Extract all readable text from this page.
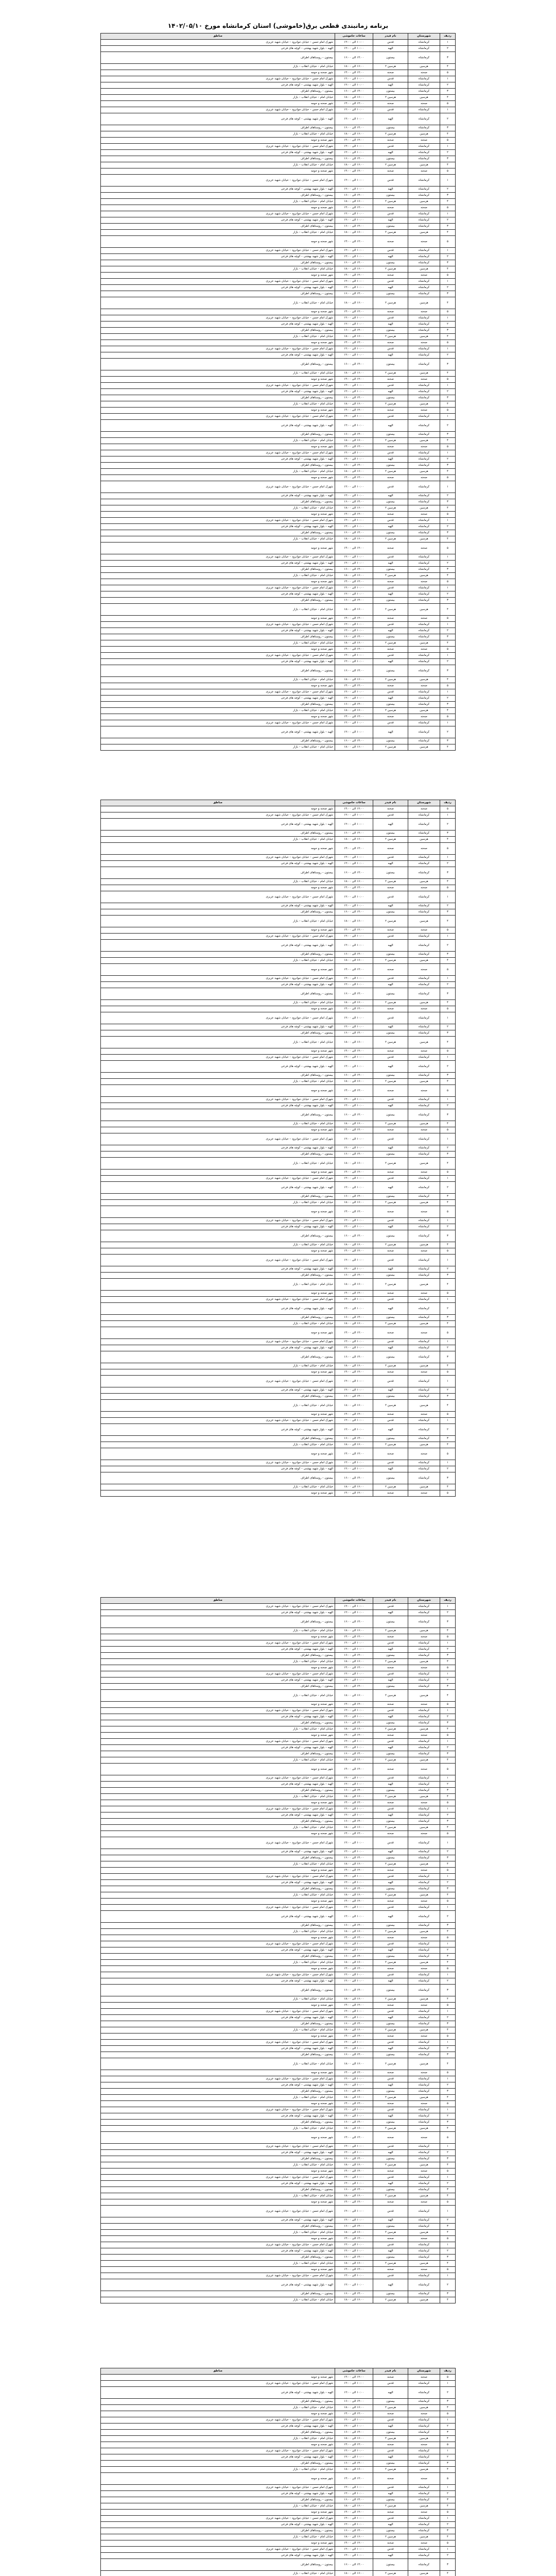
برنامه زمانبندی قطعی برق(خاموشی) استان کرمانشاه مورخ ۱۴۰۲/۰۵/۱۰
ردیف	شهرستان	نام فیدر	ساعات خاموشی	مناطق
۱	کرمانشاه	قدس	۱۰:۰۰ الی ۱۲:۰۰	شهرک امام حسن – خیابان جوانرود – خیابان شهید عزیزی
۲	کرمانشاه	الهیه	۱۰:۰۰ الی ۱۲:۰۰	الهیه – بلوار شهید بهشتی – کوچه های فرعی
۳	کرمانشاه	بیستون	۱۴:۰۰ الی ۱۶:۰۰	بیستون – روستاهای اطراف
۴	هرسین	هرسین ۲	۱۶:۰۰ الی ۱۸:۰۰	خیابان امام – خیابان انقلاب – بازار
۵	صحنه	صحنه	۱۲:۰۰ الی ۱۴:۰۰	شهر صحنه و حومه
۱	کرمانشاه	قدس	۱۰:۰۰ الی ۱۲:۰۰	شهرک امام حسن – خیابان جوانرود – خیابان شهید عزیزی
۲	کرمانشاه	الهیه	۱۰:۰۰ الی ۱۲:۰۰	الهیه – بلوار شهید بهشتی – کوچه های فرعی
۳	کرمانشاه	بیستون	۱۴:۰۰ الی ۱۶:۰۰	بیستون – روستاهای اطراف
۴	هرسین	هرسین ۲	۱۶:۰۰ الی ۱۸:۰۰	خیابان امام – خیابان انقلاب – بازار
۵	صحنه	صحنه	۱۲:۰۰ الی ۱۴:۰۰	شهر صحنه و حومه
۱	کرمانشاه	قدس	۱۰:۰۰ الی ۱۲:۰۰	شهرک امام حسن – خیابان جوانرود – خیابان شهید عزیزی
۲	کرمانشاه	الهیه	۱۰:۰۰ الی ۱۲:۰۰	الهیه – بلوار شهید بهشتی – کوچه های فرعی
۳	کرمانشاه	بیستون	۱۴:۰۰ الی ۱۶:۰۰	بیستون – روستاهای اطراف
۴	هرسین	هرسین ۲	۱۶:۰۰ الی ۱۸:۰۰	خیابان امام – خیابان انقلاب – بازار
۵	صحنه	صحنه	۱۲:۰۰ الی ۱۴:۰۰	شهر صحنه و حومه
۱	کرمانشاه	قدس	۱۰:۰۰ الی ۱۲:۰۰	شهرک امام حسن – خیابان جوانرود – خیابان شهید عزیزی
۲	کرمانشاه	الهیه	۱۰:۰۰ الی ۱۲:۰۰	الهیه – بلوار شهید بهشتی – کوچه های فرعی
۳	کرمانشاه	بیستون	۱۴:۰۰ الی ۱۶:۰۰	بیستون – روستاهای اطراف
۴	هرسین	هرسین ۲	۱۶:۰۰ الی ۱۸:۰۰	خیابان امام – خیابان انقلاب – بازار
۵	صحنه	صحنه	۱۲:۰۰ الی ۱۴:۰۰	شهر صحنه و حومه
۱	کرمانشاه	قدس	۱۰:۰۰ الی ۱۲:۰۰	شهرک امام حسن – خیابان جوانرود – خیابان شهید عزیزی
۲	کرمانشاه	الهیه	۱۰:۰۰ الی ۱۲:۰۰	الهیه – بلوار شهید بهشتی – کوچه های فرعی
۳	کرمانشاه	بیستون	۱۴:۰۰ الی ۱۶:۰۰	بیستون – روستاهای اطراف
۴	هرسین	هرسین ۲	۱۶:۰۰ الی ۱۸:۰۰	خیابان امام – خیابان انقلاب – بازار
۵	صحنه	صحنه	۱۲:۰۰ الی ۱۴:۰۰	شهر صحنه و حومه
۱	کرمانشاه	قدس	۱۰:۰۰ الی ۱۲:۰۰	شهرک امام حسن – خیابان جوانرود – خیابان شهید عزیزی
۲	کرمانشاه	الهیه	۱۰:۰۰ الی ۱۲:۰۰	الهیه – بلوار شهید بهشتی – کوچه های فرعی
۳	کرمانشاه	بیستون	۱۴:۰۰ الی ۱۶:۰۰	بیستون – روستاهای اطراف
۴	هرسین	هرسین ۲	۱۶:۰۰ الی ۱۸:۰۰	خیابان امام – خیابان انقلاب – بازار
۵	صحنه	صحنه	۱۲:۰۰ الی ۱۴:۰۰	شهر صحنه و حومه
۱	کرمانشاه	قدس	۱۰:۰۰ الی ۱۲:۰۰	شهرک امام حسن – خیابان جوانرود – خیابان شهید عزیزی
۲	کرمانشاه	الهیه	۱۰:۰۰ الی ۱۲:۰۰	الهیه – بلوار شهید بهشتی – کوچه های فرعی
۳	کرمانشاه	بیستون	۱۴:۰۰ الی ۱۶:۰۰	بیستون – روستاهای اطراف
۴	هرسین	هرسین ۲	۱۶:۰۰ الی ۱۸:۰۰	خیابان امام – خیابان انقلاب – بازار
۵	صحنه	صحنه	۱۲:۰۰ الی ۱۴:۰۰	شهر صحنه و حومه
۱	کرمانشاه	قدس	۱۰:۰۰ الی ۱۲:۰۰	شهرک امام حسن – خیابان جوانرود – خیابان شهید عزیزی
۲	کرمانشاه	الهیه	۱۰:۰۰ الی ۱۲:۰۰	الهیه – بلوار شهید بهشتی – کوچه های فرعی
۳	کرمانشاه	بیستون	۱۴:۰۰ الی ۱۶:۰۰	بیستون – روستاهای اطراف
۴	هرسین	هرسین ۲	۱۶:۰۰ الی ۱۸:۰۰	خیابان امام – خیابان انقلاب – بازار
۵	صحنه	صحنه	۱۲:۰۰ الی ۱۴:۰۰	شهر صحنه و حومه
۱	کرمانشاه	قدس	۱۰:۰۰ الی ۱۲:۰۰	شهرک امام حسن – خیابان جوانرود – خیابان شهید عزیزی
۲	کرمانشاه	الهیه	۱۰:۰۰ الی ۱۲:۰۰	الهیه – بلوار شهید بهشتی – کوچه های فرعی
۳	کرمانشاه	بیستون	۱۴:۰۰ الی ۱۶:۰۰	بیستون – روستاهای اطراف
۴	هرسین	هرسین ۲	۱۶:۰۰ الی ۱۸:۰۰	خیابان امام – خیابان انقلاب – بازار
۵	صحنه	صحنه	۱۲:۰۰ الی ۱۴:۰۰	شهر صحنه و حومه
۱	کرمانشاه	قدس	۱۰:۰۰ الی ۱۲:۰۰	شهرک امام حسن – خیابان جوانرود – خیابان شهید عزیزی
۲	کرمانشاه	الهیه	۱۰:۰۰ الی ۱۲:۰۰	الهیه – بلوار شهید بهشتی – کوچه های فرعی
۳	کرمانشاه	بیستون	۱۴:۰۰ الی ۱۶:۰۰	بیستون – روستاهای اطراف
۴	هرسین	هرسین ۲	۱۶:۰۰ الی ۱۸:۰۰	خیابان امام – خیابان انقلاب – بازار
۵	صحنه	صحنه	۱۲:۰۰ الی ۱۴:۰۰	شهر صحنه و حومه
۱	کرمانشاه	قدس	۱۰:۰۰ الی ۱۲:۰۰	شهرک امام حسن – خیابان جوانرود – خیابان شهید عزیزی
۲	کرمانشاه	الهیه	۱۰:۰۰ الی ۱۲:۰۰	الهیه – بلوار شهید بهشتی – کوچه های فرعی
۳	کرمانشاه	بیستون	۱۴:۰۰ الی ۱۶:۰۰	بیستون – روستاهای اطراف
۴	هرسین	هرسین ۲	۱۶:۰۰ الی ۱۸:۰۰	خیابان امام – خیابان انقلاب – بازار
۵	صحنه	صحنه	۱۲:۰۰ الی ۱۴:۰۰	شهر صحنه و حومه
۱	کرمانشاه	قدس	۱۰:۰۰ الی ۱۲:۰۰	شهرک امام حسن – خیابان جوانرود – خیابان شهید عزیزی
۲	کرمانشاه	الهیه	۱۰:۰۰ الی ۱۲:۰۰	الهیه – بلوار شهید بهشتی – کوچه های فرعی
۳	کرمانشاه	بیستون	۱۴:۰۰ الی ۱۶:۰۰	بیستون – روستاهای اطراف
۴	هرسین	هرسین ۲	۱۶:۰۰ الی ۱۸:۰۰	خیابان امام – خیابان انقلاب – بازار
۵	صحنه	صحنه	۱۲:۰۰ الی ۱۴:۰۰	شهر صحنه و حومه
۱	کرمانشاه	قدس	۱۰:۰۰ الی ۱۲:۰۰	شهرک امام حسن – خیابان جوانرود – خیابان شهید عزیزی
۲	کرمانشاه	الهیه	۱۰:۰۰ الی ۱۲:۰۰	الهیه – بلوار شهید بهشتی – کوچه های فرعی
۳	کرمانشاه	بیستون	۱۴:۰۰ الی ۱۶:۰۰	بیستون – روستاهای اطراف
۴	هرسین	هرسین ۲	۱۶:۰۰ الی ۱۸:۰۰	خیابان امام – خیابان انقلاب – بازار
۵	صحنه	صحنه	۱۲:۰۰ الی ۱۴:۰۰	شهر صحنه و حومه
۱	کرمانشاه	قدس	۱۰:۰۰ الی ۱۲:۰۰	شهرک امام حسن – خیابان جوانرود – خیابان شهید عزیزی
۲	کرمانشاه	الهیه	۱۰:۰۰ الی ۱۲:۰۰	الهیه – بلوار شهید بهشتی – کوچه های فرعی
۳	کرمانشاه	بیستون	۱۴:۰۰ الی ۱۶:۰۰	بیستون – روستاهای اطراف
۴	هرسین	هرسین ۲	۱۶:۰۰ الی ۱۸:۰۰	خیابان امام – خیابان انقلاب – بازار
۵	صحنه	صحنه	۱۲:۰۰ الی ۱۴:۰۰	شهر صحنه و حومه
۱	کرمانشاه	قدس	۱۰:۰۰ الی ۱۲:۰۰	شهرک امام حسن – خیابان جوانرود – خیابان شهید عزیزی
۲	کرمانشاه	الهیه	۱۰:۰۰ الی ۱۲:۰۰	الهیه – بلوار شهید بهشتی – کوچه های فرعی
۳	کرمانشاه	بیستون	۱۴:۰۰ الی ۱۶:۰۰	بیستون – روستاهای اطراف
۴	هرسین	هرسین ۲	۱۶:۰۰ الی ۱۸:۰۰	خیابان امام – خیابان انقلاب – بازار
۵	صحنه	صحنه	۱۲:۰۰ الی ۱۴:۰۰	شهر صحنه و حومه
۱	کرمانشاه	قدس	۱۰:۰۰ الی ۱۲:۰۰	شهرک امام حسن – خیابان جوانرود – خیابان شهید عزیزی
۲	کرمانشاه	الهیه	۱۰:۰۰ الی ۱۲:۰۰	الهیه – بلوار شهید بهشتی – کوچه های فرعی
۳	کرمانشاه	بیستون	۱۴:۰۰ الی ۱۶:۰۰	بیستون – روستاهای اطراف
۴	هرسین	هرسین ۲	۱۶:۰۰ الی ۱۸:۰۰	خیابان امام – خیابان انقلاب – بازار
۵	صحنه	صحنه	۱۲:۰۰ الی ۱۴:۰۰	شهر صحنه و حومه
۱	کرمانشاه	قدس	۱۰:۰۰ الی ۱۲:۰۰	شهرک امام حسن – خیابان جوانرود – خیابان شهید عزیزی
۲	کرمانشاه	الهیه	۱۰:۰۰ الی ۱۲:۰۰	الهیه – بلوار شهید بهشتی – کوچه های فرعی
۳	کرمانشاه	بیستون	۱۴:۰۰ الی ۱۶:۰۰	بیستون – روستاهای اطراف
۴	هرسین	هرسین ۲	۱۶:۰۰ الی ۱۸:۰۰	خیابان امام – خیابان انقلاب – بازار
۵	صحنه	صحنه	۱۲:۰۰ الی ۱۴:۰۰	شهر صحنه و حومه
۱	کرمانشاه	قدس	۱۰:۰۰ الی ۱۲:۰۰	شهرک امام حسن – خیابان جوانرود – خیابان شهید عزیزی
۲	کرمانشاه	الهیه	۱۰:۰۰ الی ۱۲:۰۰	الهیه – بلوار شهید بهشتی – کوچه های فرعی
۳	کرمانشاه	بیستون	۱۴:۰۰ الی ۱۶:۰۰	بیستون – روستاهای اطراف
۴	هرسین	هرسین ۲	۱۶:۰۰ الی ۱۸:۰۰	خیابان امام – خیابان انقلاب – بازار
۵	صحنه	صحنه	۱۲:۰۰ الی ۱۴:۰۰	شهر صحنه و حومه
۱	کرمانشاه	قدس	۱۰:۰۰ الی ۱۲:۰۰	شهرک امام حسن – خیابان جوانرود – خیابان شهید عزیزی
۲	کرمانشاه	الهیه	۱۰:۰۰ الی ۱۲:۰۰	الهیه – بلوار شهید بهشتی – کوچه های فرعی
۳	کرمانشاه	بیستون	۱۴:۰۰ الی ۱۶:۰۰	بیستون – روستاهای اطراف
۴	هرسین	هرسین ۲	۱۶:۰۰ الی ۱۸:۰۰	خیابان امام – خیابان انقلاب – بازار
۵	صحنه	صحنه	۱۲:۰۰ الی ۱۴:۰۰	شهر صحنه و حومه
۱	کرمانشاه	قدس	۱۰:۰۰ الی ۱۲:۰۰	شهرک امام حسن – خیابان جوانرود – خیابان شهید عزیزی
۲	کرمانشاه	الهیه	۱۰:۰۰ الی ۱۲:۰۰	الهیه – بلوار شهید بهشتی – کوچه های فرعی
۳	کرمانشاه	بیستون	۱۴:۰۰ الی ۱۶:۰۰	بیستون – روستاهای اطراف
۴	هرسین	هرسین ۲	۱۶:۰۰ الی ۱۸:۰۰	خیابان امام – خیابان انقلاب – بازار
۵	صحنه	صحنه	۱۲:۰۰ الی ۱۴:۰۰	شهر صحنه و حومه
۱	کرمانشاه	قدس	۱۰:۰۰ الی ۱۲:۰۰	شهرک امام حسن – خیابان جوانرود – خیابان شهید عزیزی
۲	کرمانشاه	الهیه	۱۰:۰۰ الی ۱۲:۰۰	الهیه – بلوار شهید بهشتی – کوچه های فرعی
۳	کرمانشاه	بیستون	۱۴:۰۰ الی ۱۶:۰۰	بیستون – روستاهای اطراف
۴	هرسین	هرسین ۲	۱۶:۰۰ الی ۱۸:۰۰	خیابان امام – خیابان انقلاب – بازار
ردیف	شهرستان	نام فیدر	ساعات خاموشی	مناطق
۵	صحنه	صحنه	۱۲:۰۰ الی ۱۴:۰۰	شهر صحنه و حومه
۱	کرمانشاه	قدس	۱۰:۰۰ الی ۱۲:۰۰	شهرک امام حسن – خیابان جوانرود – خیابان شهید عزیزی
۲	کرمانشاه	الهیه	۱۰:۰۰ الی ۱۲:۰۰	الهیه – بلوار شهید بهشتی – کوچه های فرعی
۳	کرمانشاه	بیستون	۱۴:۰۰ الی ۱۶:۰۰	بیستون – روستاهای اطراف
۴	هرسین	هرسین ۲	۱۶:۰۰ الی ۱۸:۰۰	خیابان امام – خیابان انقلاب – بازار
۵	صحنه	صحنه	۱۲:۰۰ الی ۱۴:۰۰	شهر صحنه و حومه
۱	کرمانشاه	قدس	۱۰:۰۰ الی ۱۲:۰۰	شهرک امام حسن – خیابان جوانرود – خیابان شهید عزیزی
۲	کرمانشاه	الهیه	۱۰:۰۰ الی ۱۲:۰۰	الهیه – بلوار شهید بهشتی – کوچه های فرعی
۳	کرمانشاه	بیستون	۱۴:۰۰ الی ۱۶:۰۰	بیستون – روستاهای اطراف
۴	هرسین	هرسین ۲	۱۶:۰۰ الی ۱۸:۰۰	خیابان امام – خیابان انقلاب – بازار
۵	صحنه	صحنه	۱۲:۰۰ الی ۱۴:۰۰	شهر صحنه و حومه
۱	کرمانشاه	قدس	۱۰:۰۰ الی ۱۲:۰۰	شهرک امام حسن – خیابان جوانرود – خیابان شهید عزیزی
۲	کرمانشاه	الهیه	۱۰:۰۰ الی ۱۲:۰۰	الهیه – بلوار شهید بهشتی – کوچه های فرعی
۳	کرمانشاه	بیستون	۱۴:۰۰ الی ۱۶:۰۰	بیستون – روستاهای اطراف
۴	هرسین	هرسین ۲	۱۶:۰۰ الی ۱۸:۰۰	خیابان امام – خیابان انقلاب – بازار
۵	صحنه	صحنه	۱۲:۰۰ الی ۱۴:۰۰	شهر صحنه و حومه
۱	کرمانشاه	قدس	۱۰:۰۰ الی ۱۲:۰۰	شهرک امام حسن – خیابان جوانرود – خیابان شهید عزیزی
۲	کرمانشاه	الهیه	۱۰:۰۰ الی ۱۲:۰۰	الهیه – بلوار شهید بهشتی – کوچه های فرعی
۳	کرمانشاه	بیستون	۱۴:۰۰ الی ۱۶:۰۰	بیستون – روستاهای اطراف
۴	هرسین	هرسین ۲	۱۶:۰۰ الی ۱۸:۰۰	خیابان امام – خیابان انقلاب – بازار
۵	صحنه	صحنه	۱۲:۰۰ الی ۱۴:۰۰	شهر صحنه و حومه
۱	کرمانشاه	قدس	۱۰:۰۰ الی ۱۲:۰۰	شهرک امام حسن – خیابان جوانرود – خیابان شهید عزیزی
۲	کرمانشاه	الهیه	۱۰:۰۰ الی ۱۲:۰۰	الهیه – بلوار شهید بهشتی – کوچه های فرعی
۳	کرمانشاه	بیستون	۱۴:۰۰ الی ۱۶:۰۰	بیستون – روستاهای اطراف
۴	هرسین	هرسین ۲	۱۶:۰۰ الی ۱۸:۰۰	خیابان امام – خیابان انقلاب – بازار
۵	صحنه	صحنه	۱۲:۰۰ الی ۱۴:۰۰	شهر صحنه و حومه
۱	کرمانشاه	قدس	۱۰:۰۰ الی ۱۲:۰۰	شهرک امام حسن – خیابان جوانرود – خیابان شهید عزیزی
۲	کرمانشاه	الهیه	۱۰:۰۰ الی ۱۲:۰۰	الهیه – بلوار شهید بهشتی – کوچه های فرعی
۳	کرمانشاه	بیستون	۱۴:۰۰ الی ۱۶:۰۰	بیستون – روستاهای اطراف
۴	هرسین	هرسین ۲	۱۶:۰۰ الی ۱۸:۰۰	خیابان امام – خیابان انقلاب – بازار
۵	صحنه	صحنه	۱۲:۰۰ الی ۱۴:۰۰	شهر صحنه و حومه
۱	کرمانشاه	قدس	۱۰:۰۰ الی ۱۲:۰۰	شهرک امام حسن – خیابان جوانرود – خیابان شهید عزیزی
۲	کرمانشاه	الهیه	۱۰:۰۰ الی ۱۲:۰۰	الهیه – بلوار شهید بهشتی – کوچه های فرعی
۳	کرمانشاه	بیستون	۱۴:۰۰ الی ۱۶:۰۰	بیستون – روستاهای اطراف
۴	هرسین	هرسین ۲	۱۶:۰۰ الی ۱۸:۰۰	خیابان امام – خیابان انقلاب – بازار
۵	صحنه	صحنه	۱۲:۰۰ الی ۱۴:۰۰	شهر صحنه و حومه
۱	کرمانشاه	قدس	۱۰:۰۰ الی ۱۲:۰۰	شهرک امام حسن – خیابان جوانرود – خیابان شهید عزیزی
۲	کرمانشاه	الهیه	۱۰:۰۰ الی ۱۲:۰۰	الهیه – بلوار شهید بهشتی – کوچه های فرعی
۳	کرمانشاه	بیستون	۱۴:۰۰ الی ۱۶:۰۰	بیستون – روستاهای اطراف
۴	هرسین	هرسین ۲	۱۶:۰۰ الی ۱۸:۰۰	خیابان امام – خیابان انقلاب – بازار
۵	صحنه	صحنه	۱۲:۰۰ الی ۱۴:۰۰	شهر صحنه و حومه
۱	کرمانشاه	قدس	۱۰:۰۰ الی ۱۲:۰۰	شهرک امام حسن – خیابان جوانرود – خیابان شهید عزیزی
۲	کرمانشاه	الهیه	۱۰:۰۰ الی ۱۲:۰۰	الهیه – بلوار شهید بهشتی – کوچه های فرعی
۳	کرمانشاه	بیستون	۱۴:۰۰ الی ۱۶:۰۰	بیستون – روستاهای اطراف
۴	هرسین	هرسین ۲	۱۶:۰۰ الی ۱۸:۰۰	خیابان امام – خیابان انقلاب – بازار
۵	صحنه	صحنه	۱۲:۰۰ الی ۱۴:۰۰	شهر صحنه و حومه
۱	کرمانشاه	قدس	۱۰:۰۰ الی ۱۲:۰۰	شهرک امام حسن – خیابان جوانرود – خیابان شهید عزیزی
۲	کرمانشاه	الهیه	۱۰:۰۰ الی ۱۲:۰۰	الهیه – بلوار شهید بهشتی – کوچه های فرعی
۳	کرمانشاه	بیستون	۱۴:۰۰ الی ۱۶:۰۰	بیستون – روستاهای اطراف
۴	هرسین	هرسین ۲	۱۶:۰۰ الی ۱۸:۰۰	خیابان امام – خیابان انقلاب – بازار
۵	صحنه	صحنه	۱۲:۰۰ الی ۱۴:۰۰	شهر صحنه و حومه
۱	کرمانشاه	قدس	۱۰:۰۰ الی ۱۲:۰۰	شهرک امام حسن – خیابان جوانرود – خیابان شهید عزیزی
۲	کرمانشاه	الهیه	۱۰:۰۰ الی ۱۲:۰۰	الهیه – بلوار شهید بهشتی – کوچه های فرعی
۳	کرمانشاه	بیستون	۱۴:۰۰ الی ۱۶:۰۰	بیستون – روستاهای اطراف
۴	هرسین	هرسین ۲	۱۶:۰۰ الی ۱۸:۰۰	خیابان امام – خیابان انقلاب – بازار
۵	صحنه	صحنه	۱۲:۰۰ الی ۱۴:۰۰	شهر صحنه و حومه
۱	کرمانشاه	قدس	۱۰:۰۰ الی ۱۲:۰۰	شهرک امام حسن – خیابان جوانرود – خیابان شهید عزیزی
۲	کرمانشاه	الهیه	۱۰:۰۰ الی ۱۲:۰۰	الهیه – بلوار شهید بهشتی – کوچه های فرعی
۳	کرمانشاه	بیستون	۱۴:۰۰ الی ۱۶:۰۰	بیستون – روستاهای اطراف
۴	هرسین	هرسین ۲	۱۶:۰۰ الی ۱۸:۰۰	خیابان امام – خیابان انقلاب – بازار
۵	صحنه	صحنه	۱۲:۰۰ الی ۱۴:۰۰	شهر صحنه و حومه
۱	کرمانشاه	قدس	۱۰:۰۰ الی ۱۲:۰۰	شهرک امام حسن – خیابان جوانرود – خیابان شهید عزیزی
۲	کرمانشاه	الهیه	۱۰:۰۰ الی ۱۲:۰۰	الهیه – بلوار شهید بهشتی – کوچه های فرعی
۳	کرمانشاه	بیستون	۱۴:۰۰ الی ۱۶:۰۰	بیستون – روستاهای اطراف
۴	هرسین	هرسین ۲	۱۶:۰۰ الی ۱۸:۰۰	خیابان امام – خیابان انقلاب – بازار
۵	صحنه	صحنه	۱۲:۰۰ الی ۱۴:۰۰	شهر صحنه و حومه
۱	کرمانشاه	قدس	۱۰:۰۰ الی ۱۲:۰۰	شهرک امام حسن – خیابان جوانرود – خیابان شهید عزیزی
۲	کرمانشاه	الهیه	۱۰:۰۰ الی ۱۲:۰۰	الهیه – بلوار شهید بهشتی – کوچه های فرعی
۳	کرمانشاه	بیستون	۱۴:۰۰ الی ۱۶:۰۰	بیستون – روستاهای اطراف
۴	هرسین	هرسین ۲	۱۶:۰۰ الی ۱۸:۰۰	خیابان امام – خیابان انقلاب – بازار
۵	صحنه	صحنه	۱۲:۰۰ الی ۱۴:۰۰	شهر صحنه و حومه
۱	کرمانشاه	قدس	۱۰:۰۰ الی ۱۲:۰۰	شهرک امام حسن – خیابان جوانرود – خیابان شهید عزیزی
۲	کرمانشاه	الهیه	۱۰:۰۰ الی ۱۲:۰۰	الهیه – بلوار شهید بهشتی – کوچه های فرعی
۳	کرمانشاه	بیستون	۱۴:۰۰ الی ۱۶:۰۰	بیستون – روستاهای اطراف
۴	هرسین	هرسین ۲	۱۶:۰۰ الی ۱۸:۰۰	خیابان امام – خیابان انقلاب – بازار
۵	صحنه	صحنه	۱۲:۰۰ الی ۱۴:۰۰	شهر صحنه و حومه
۱	کرمانشاه	قدس	۱۰:۰۰ الی ۱۲:۰۰	شهرک امام حسن – خیابان جوانرود – خیابان شهید عزیزی
۲	کرمانشاه	الهیه	۱۰:۰۰ الی ۱۲:۰۰	الهیه – بلوار شهید بهشتی – کوچه های فرعی
۳	کرمانشاه	بیستون	۱۴:۰۰ الی ۱۶:۰۰	بیستون – روستاهای اطراف
۴	هرسین	هرسین ۲	۱۶:۰۰ الی ۱۸:۰۰	خیابان امام – خیابان انقلاب – بازار
۵	صحنه	صحنه	۱۲:۰۰ الی ۱۴:۰۰	شهر صحنه و حومه
۱	کرمانشاه	قدس	۱۰:۰۰ الی ۱۲:۰۰	شهرک امام حسن – خیابان جوانرود – خیابان شهید عزیزی
۲	کرمانشاه	الهیه	۱۰:۰۰ الی ۱۲:۰۰	الهیه – بلوار شهید بهشتی – کوچه های فرعی
۳	کرمانشاه	بیستون	۱۴:۰۰ الی ۱۶:۰۰	بیستون – روستاهای اطراف
۴	هرسین	هرسین ۲	۱۶:۰۰ الی ۱۸:۰۰	خیابان امام – خیابان انقلاب – بازار
۵	صحنه	صحنه	۱۲:۰۰ الی ۱۴:۰۰	شهر صحنه و حومه
ردیف	شهرستان	نام فیدر	ساعات خاموشی	مناطق
۱	کرمانشاه	قدس	۱۰:۰۰ الی ۱۲:۰۰	شهرک امام حسن – خیابان جوانرود – خیابان شهید عزیزی
۲	کرمانشاه	الهیه	۱۰:۰۰ الی ۱۲:۰۰	الهیه – بلوار شهید بهشتی – کوچه های فرعی
۳	کرمانشاه	بیستون	۱۴:۰۰ الی ۱۶:۰۰	بیستون – روستاهای اطراف
۴	هرسین	هرسین ۲	۱۶:۰۰ الی ۱۸:۰۰	خیابان امام – خیابان انقلاب – بازار
۵	صحنه	صحنه	۱۲:۰۰ الی ۱۴:۰۰	شهر صحنه و حومه
۱	کرمانشاه	قدس	۱۰:۰۰ الی ۱۲:۰۰	شهرک امام حسن – خیابان جوانرود – خیابان شهید عزیزی
۲	کرمانشاه	الهیه	۱۰:۰۰ الی ۱۲:۰۰	الهیه – بلوار شهید بهشتی – کوچه های فرعی
۳	کرمانشاه	بیستون	۱۴:۰۰ الی ۱۶:۰۰	بیستون – روستاهای اطراف
۴	هرسین	هرسین ۲	۱۶:۰۰ الی ۱۸:۰۰	خیابان امام – خیابان انقلاب – بازار
۵	صحنه	صحنه	۱۲:۰۰ الی ۱۴:۰۰	شهر صحنه و حومه
۱	کرمانشاه	قدس	۱۰:۰۰ الی ۱۲:۰۰	شهرک امام حسن – خیابان جوانرود – خیابان شهید عزیزی
۲	کرمانشاه	الهیه	۱۰:۰۰ الی ۱۲:۰۰	الهیه – بلوار شهید بهشتی – کوچه های فرعی
۳	کرمانشاه	بیستون	۱۴:۰۰ الی ۱۶:۰۰	بیستون – روستاهای اطراف
۴	هرسین	هرسین ۲	۱۶:۰۰ الی ۱۸:۰۰	خیابان امام – خیابان انقلاب – بازار
۵	صحنه	صحنه	۱۲:۰۰ الی ۱۴:۰۰	شهر صحنه و حومه
۱	کرمانشاه	قدس	۱۰:۰۰ الی ۱۲:۰۰	شهرک امام حسن – خیابان جوانرود – خیابان شهید عزیزی
۲	کرمانشاه	الهیه	۱۰:۰۰ الی ۱۲:۰۰	الهیه – بلوار شهید بهشتی – کوچه های فرعی
۳	کرمانشاه	بیستون	۱۴:۰۰ الی ۱۶:۰۰	بیستون – روستاهای اطراف
۴	هرسین	هرسین ۲	۱۶:۰۰ الی ۱۸:۰۰	خیابان امام – خیابان انقلاب – بازار
۵	صحنه	صحنه	۱۲:۰۰ الی ۱۴:۰۰	شهر صحنه و حومه
۱	کرمانشاه	قدس	۱۰:۰۰ الی ۱۲:۰۰	شهرک امام حسن – خیابان جوانرود – خیابان شهید عزیزی
۲	کرمانشاه	الهیه	۱۰:۰۰ الی ۱۲:۰۰	الهیه – بلوار شهید بهشتی – کوچه های فرعی
۳	کرمانشاه	بیستون	۱۴:۰۰ الی ۱۶:۰۰	بیستون – روستاهای اطراف
۴	هرسین	هرسین ۲	۱۶:۰۰ الی ۱۸:۰۰	خیابان امام – خیابان انقلاب – بازار
۵	صحنه	صحنه	۱۲:۰۰ الی ۱۴:۰۰	شهر صحنه و حومه
۱	کرمانشاه	قدس	۱۰:۰۰ الی ۱۲:۰۰	شهرک امام حسن – خیابان جوانرود – خیابان شهید عزیزی
۲	کرمانشاه	الهیه	۱۰:۰۰ الی ۱۲:۰۰	الهیه – بلوار شهید بهشتی – کوچه های فرعی
۳	کرمانشاه	بیستون	۱۴:۰۰ الی ۱۶:۰۰	بیستون – روستاهای اطراف
۴	هرسین	هرسین ۲	۱۶:۰۰ الی ۱۸:۰۰	خیابان امام – خیابان انقلاب – بازار
۵	صحنه	صحنه	۱۲:۰۰ الی ۱۴:۰۰	شهر صحنه و حومه
۱	کرمانشاه	قدس	۱۰:۰۰ الی ۱۲:۰۰	شهرک امام حسن – خیابان جوانرود – خیابان شهید عزیزی
۲	کرمانشاه	الهیه	۱۰:۰۰ الی ۱۲:۰۰	الهیه – بلوار شهید بهشتی – کوچه های فرعی
۳	کرمانشاه	بیستون	۱۴:۰۰ الی ۱۶:۰۰	بیستون – روستاهای اطراف
۴	هرسین	هرسین ۲	۱۶:۰۰ الی ۱۸:۰۰	خیابان امام – خیابان انقلاب – بازار
۵	صحنه	صحنه	۱۲:۰۰ الی ۱۴:۰۰	شهر صحنه و حومه
۱	کرمانشاه	قدس	۱۰:۰۰ الی ۱۲:۰۰	شهرک امام حسن – خیابان جوانرود – خیابان شهید عزیزی
۲	کرمانشاه	الهیه	۱۰:۰۰ الی ۱۲:۰۰	الهیه – بلوار شهید بهشتی – کوچه های فرعی
۳	کرمانشاه	بیستون	۱۴:۰۰ الی ۱۶:۰۰	بیستون – روستاهای اطراف
۴	هرسین	هرسین ۲	۱۶:۰۰ الی ۱۸:۰۰	خیابان امام – خیابان انقلاب – بازار
۵	صحنه	صحنه	۱۲:۰۰ الی ۱۴:۰۰	شهر صحنه و حومه
۱	کرمانشاه	قدس	۱۰:۰۰ الی ۱۲:۰۰	شهرک امام حسن – خیابان جوانرود – خیابان شهید عزیزی
۲	کرمانشاه	الهیه	۱۰:۰۰ الی ۱۲:۰۰	الهیه – بلوار شهید بهشتی – کوچه های فرعی
۳	کرمانشاه	بیستون	۱۴:۰۰ الی ۱۶:۰۰	بیستون – روستاهای اطراف
۴	هرسین	هرسین ۲	۱۶:۰۰ الی ۱۸:۰۰	خیابان امام – خیابان انقلاب – بازار
۵	صحنه	صحنه	۱۲:۰۰ الی ۱۴:۰۰	شهر صحنه و حومه
۱	کرمانشاه	قدس	۱۰:۰۰ الی ۱۲:۰۰	شهرک امام حسن – خیابان جوانرود – خیابان شهید عزیزی
۲	کرمانشاه	الهیه	۱۰:۰۰ الی ۱۲:۰۰	الهیه – بلوار شهید بهشتی – کوچه های فرعی
۳	کرمانشاه	بیستون	۱۴:۰۰ الی ۱۶:۰۰	بیستون – روستاهای اطراف
۴	هرسین	هرسین ۲	۱۶:۰۰ الی ۱۸:۰۰	خیابان امام – خیابان انقلاب – بازار
۵	صحنه	صحنه	۱۲:۰۰ الی ۱۴:۰۰	شهر صحنه و حومه
۱	کرمانشاه	قدس	۱۰:۰۰ الی ۱۲:۰۰	شهرک امام حسن – خیابان جوانرود – خیابان شهید عزیزی
۲	کرمانشاه	الهیه	۱۰:۰۰ الی ۱۲:۰۰	الهیه – بلوار شهید بهشتی – کوچه های فرعی
۳	کرمانشاه	بیستون	۱۴:۰۰ الی ۱۶:۰۰	بیستون – روستاهای اطراف
۴	هرسین	هرسین ۲	۱۶:۰۰ الی ۱۸:۰۰	خیابان امام – خیابان انقلاب – بازار
۵	صحنه	صحنه	۱۲:۰۰ الی ۱۴:۰۰	شهر صحنه و حومه
۱	کرمانشاه	قدس	۱۰:۰۰ الی ۱۲:۰۰	شهرک امام حسن – خیابان جوانرود – خیابان شهید عزیزی
۲	کرمانشاه	الهیه	۱۰:۰۰ الی ۱۲:۰۰	الهیه – بلوار شهید بهشتی – کوچه های فرعی
۳	کرمانشاه	بیستون	۱۴:۰۰ الی ۱۶:۰۰	بیستون – روستاهای اطراف
۴	هرسین	هرسین ۲	۱۶:۰۰ الی ۱۸:۰۰	خیابان امام – خیابان انقلاب – بازار
۵	صحنه	صحنه	۱۲:۰۰ الی ۱۴:۰۰	شهر صحنه و حومه
۱	کرمانشاه	قدس	۱۰:۰۰ الی ۱۲:۰۰	شهرک امام حسن – خیابان جوانرود – خیابان شهید عزیزی
۲	کرمانشاه	الهیه	۱۰:۰۰ الی ۱۲:۰۰	الهیه – بلوار شهید بهشتی – کوچه های فرعی
۳	کرمانشاه	بیستون	۱۴:۰۰ الی ۱۶:۰۰	بیستون – روستاهای اطراف
۴	هرسین	هرسین ۲	۱۶:۰۰ الی ۱۸:۰۰	خیابان امام – خیابان انقلاب – بازار
۵	صحنه	صحنه	۱۲:۰۰ الی ۱۴:۰۰	شهر صحنه و حومه
۱	کرمانشاه	قدس	۱۰:۰۰ الی ۱۲:۰۰	شهرک امام حسن – خیابان جوانرود – خیابان شهید عزیزی
۲	کرمانشاه	الهیه	۱۰:۰۰ الی ۱۲:۰۰	الهیه – بلوار شهید بهشتی – کوچه های فرعی
۳	کرمانشاه	بیستون	۱۴:۰۰ الی ۱۶:۰۰	بیستون – روستاهای اطراف
۴	هرسین	هرسین ۲	۱۶:۰۰ الی ۱۸:۰۰	خیابان امام – خیابان انقلاب – بازار
۵	صحنه	صحنه	۱۲:۰۰ الی ۱۴:۰۰	شهر صحنه و حومه
۱	کرمانشاه	قدس	۱۰:۰۰ الی ۱۲:۰۰	شهرک امام حسن – خیابان جوانرود – خیابان شهید عزیزی
۲	کرمانشاه	الهیه	۱۰:۰۰ الی ۱۲:۰۰	الهیه – بلوار شهید بهشتی – کوچه های فرعی
۳	کرمانشاه	بیستون	۱۴:۰۰ الی ۱۶:۰۰	بیستون – روستاهای اطراف
۴	هرسین	هرسین ۲	۱۶:۰۰ الی ۱۸:۰۰	خیابان امام – خیابان انقلاب – بازار
۵	صحنه	صحنه	۱۲:۰۰ الی ۱۴:۰۰	شهر صحنه و حومه
۱	کرمانشاه	قدس	۱۰:۰۰ الی ۱۲:۰۰	شهرک امام حسن – خیابان جوانرود – خیابان شهید عزیزی
۲	کرمانشاه	الهیه	۱۰:۰۰ الی ۱۲:۰۰	الهیه – بلوار شهید بهشتی – کوچه های فرعی
۳	کرمانشاه	بیستون	۱۴:۰۰ الی ۱۶:۰۰	بیستون – روستاهای اطراف
۴	هرسین	هرسین ۲	۱۶:۰۰ الی ۱۸:۰۰	خیابان امام – خیابان انقلاب – بازار
۵	صحنه	صحنه	۱۲:۰۰ الی ۱۴:۰۰	شهر صحنه و حومه
۱	کرمانشاه	قدس	۱۰:۰۰ الی ۱۲:۰۰	شهرک امام حسن – خیابان جوانرود – خیابان شهید عزیزی
۲	کرمانشاه	الهیه	۱۰:۰۰ الی ۱۲:۰۰	الهیه – بلوار شهید بهشتی – کوچه های فرعی
۳	کرمانشاه	بیستون	۱۴:۰۰ الی ۱۶:۰۰	بیستون – روستاهای اطراف
۴	هرسین	هرسین ۲	۱۶:۰۰ الی ۱۸:۰۰	خیابان امام – خیابان انقلاب – بازار
۵	صحنه	صحنه	۱۲:۰۰ الی ۱۴:۰۰	شهر صحنه و حومه
۱	کرمانشاه	قدس	۱۰:۰۰ الی ۱۲:۰۰	شهرک امام حسن – خیابان جوانرود – خیابان شهید عزیزی
۲	کرمانشاه	الهیه	۱۰:۰۰ الی ۱۲:۰۰	الهیه – بلوار شهید بهشتی – کوچه های فرعی
۳	کرمانشاه	بیستون	۱۴:۰۰ الی ۱۶:۰۰	بیستون – روستاهای اطراف
۴	هرسین	هرسین ۲	۱۶:۰۰ الی ۱۸:۰۰	خیابان امام – خیابان انقلاب – بازار
۵	صحنه	صحنه	۱۲:۰۰ الی ۱۴:۰۰	شهر صحنه و حومه
۱	کرمانشاه	قدس	۱۰:۰۰ الی ۱۲:۰۰	شهرک امام حسن – خیابان جوانرود – خیابان شهید عزیزی
۲	کرمانشاه	الهیه	۱۰:۰۰ الی ۱۲:۰۰	الهیه – بلوار شهید بهشتی – کوچه های فرعی
۳	کرمانشاه	بیستون	۱۴:۰۰ الی ۱۶:۰۰	بیستون – روستاهای اطراف
۴	هرسین	هرسین ۲	۱۶:۰۰ الی ۱۸:۰۰	خیابان امام – خیابان انقلاب – بازار
۵	صحنه	صحنه	۱۲:۰۰ الی ۱۴:۰۰	شهر صحنه و حومه
۱	کرمانشاه	قدس	۱۰:۰۰ الی ۱۲:۰۰	شهرک امام حسن – خیابان جوانرود – خیابان شهید عزیزی
۲	کرمانشاه	الهیه	۱۰:۰۰ الی ۱۲:۰۰	الهیه – بلوار شهید بهشتی – کوچه های فرعی
۳	کرمانشاه	بیستون	۱۴:۰۰ الی ۱۶:۰۰	بیستون – روستاهای اطراف
۴	هرسین	هرسین ۲	۱۶:۰۰ الی ۱۸:۰۰	خیابان امام – خیابان انقلاب – بازار
۵	صحنه	صحنه	۱۲:۰۰ الی ۱۴:۰۰	شهر صحنه و حومه
۱	کرمانشاه	قدس	۱۰:۰۰ الی ۱۲:۰۰	شهرک امام حسن – خیابان جوانرود – خیابان شهید عزیزی
۲	کرمانشاه	الهیه	۱۰:۰۰ الی ۱۲:۰۰	الهیه – بلوار شهید بهشتی – کوچه های فرعی
۳	کرمانشاه	بیستون	۱۴:۰۰ الی ۱۶:۰۰	بیستون – روستاهای اطراف
۴	هرسین	هرسین ۲	۱۶:۰۰ الی ۱۸:۰۰	خیابان امام – خیابان انقلاب – بازار
ردیف	شهرستان	نام فیدر	ساعات خاموشی	مناطق
۵	صحنه	صحنه	۱۲:۰۰ الی ۱۴:۰۰	شهر صحنه و حومه
۱	کرمانشاه	قدس	۱۰:۰۰ الی ۱۲:۰۰	شهرک امام حسن – خیابان جوانرود – خیابان شهید عزیزی
۲	کرمانشاه	الهیه	۱۰:۰۰ الی ۱۲:۰۰	الهیه – بلوار شهید بهشتی – کوچه های فرعی
۳	کرمانشاه	بیستون	۱۴:۰۰ الی ۱۶:۰۰	بیستون – روستاهای اطراف
۴	هرسین	هرسین ۲	۱۶:۰۰ الی ۱۸:۰۰	خیابان امام – خیابان انقلاب – بازار
۵	صحنه	صحنه	۱۲:۰۰ الی ۱۴:۰۰	شهر صحنه و حومه
۱	کرمانشاه	قدس	۱۰:۰۰ الی ۱۲:۰۰	شهرک امام حسن – خیابان جوانرود – خیابان شهید عزیزی
۲	کرمانشاه	الهیه	۱۰:۰۰ الی ۱۲:۰۰	الهیه – بلوار شهید بهشتی – کوچه های فرعی
۳	کرمانشاه	بیستون	۱۴:۰۰ الی ۱۶:۰۰	بیستون – روستاهای اطراف
۴	هرسین	هرسین ۲	۱۶:۰۰ الی ۱۸:۰۰	خیابان امام – خیابان انقلاب – بازار
۵	صحنه	صحنه	۱۲:۰۰ الی ۱۴:۰۰	شهر صحنه و حومه
۱	کرمانشاه	قدس	۱۰:۰۰ الی ۱۲:۰۰	شهرک امام حسن – خیابان جوانرود – خیابان شهید عزیزی
۲	کرمانشاه	الهیه	۱۰:۰۰ الی ۱۲:۰۰	الهیه – بلوار شهید بهشتی – کوچه های فرعی
۳	کرمانشاه	بیستون	۱۴:۰۰ الی ۱۶:۰۰	بیستون – روستاهای اطراف
۴	هرسین	هرسین ۲	۱۶:۰۰ الی ۱۸:۰۰	خیابان امام – خیابان انقلاب – بازار
۵	صحنه	صحنه	۱۲:۰۰ الی ۱۴:۰۰	شهر صحنه و حومه
۱	کرمانشاه	قدس	۱۰:۰۰ الی ۱۲:۰۰	شهرک امام حسن – خیابان جوانرود – خیابان شهید عزیزی
۲	کرمانشاه	الهیه	۱۰:۰۰ الی ۱۲:۰۰	الهیه – بلوار شهید بهشتی – کوچه های فرعی
۳	کرمانشاه	بیستون	۱۴:۰۰ الی ۱۶:۰۰	بیستون – روستاهای اطراف
۴	هرسین	هرسین ۲	۱۶:۰۰ الی ۱۸:۰۰	خیابان امام – خیابان انقلاب – بازار
۵	صحنه	صحنه	۱۲:۰۰ الی ۱۴:۰۰	شهر صحنه و حومه
۱	کرمانشاه	قدس	۱۰:۰۰ الی ۱۲:۰۰	شهرک امام حسن – خیابان جوانرود – خیابان شهید عزیزی
۲	کرمانشاه	الهیه	۱۰:۰۰ الی ۱۲:۰۰	الهیه – بلوار شهید بهشتی – کوچه های فرعی
۳	کرمانشاه	بیستون	۱۴:۰۰ الی ۱۶:۰۰	بیستون – روستاهای اطراف
۴	هرسین	هرسین ۲	۱۶:۰۰ الی ۱۸:۰۰	خیابان امام – خیابان انقلاب – بازار
۵	صحنه	صحنه	۱۲:۰۰ الی ۱۴:۰۰	شهر صحنه و حومه
۱	کرمانشاه	قدس	۱۰:۰۰ الی ۱۲:۰۰	شهرک امام حسن – خیابان جوانرود – خیابان شهید عزیزی
۲	کرمانشاه	الهیه	۱۰:۰۰ الی ۱۲:۰۰	الهیه – بلوار شهید بهشتی – کوچه های فرعی
۳	کرمانشاه	بیستون	۱۴:۰۰ الی ۱۶:۰۰	بیستون – روستاهای اطراف
۴	هرسین	هرسین ۲	۱۶:۰۰ الی ۱۸:۰۰	خیابان امام – خیابان انقلاب – بازار
